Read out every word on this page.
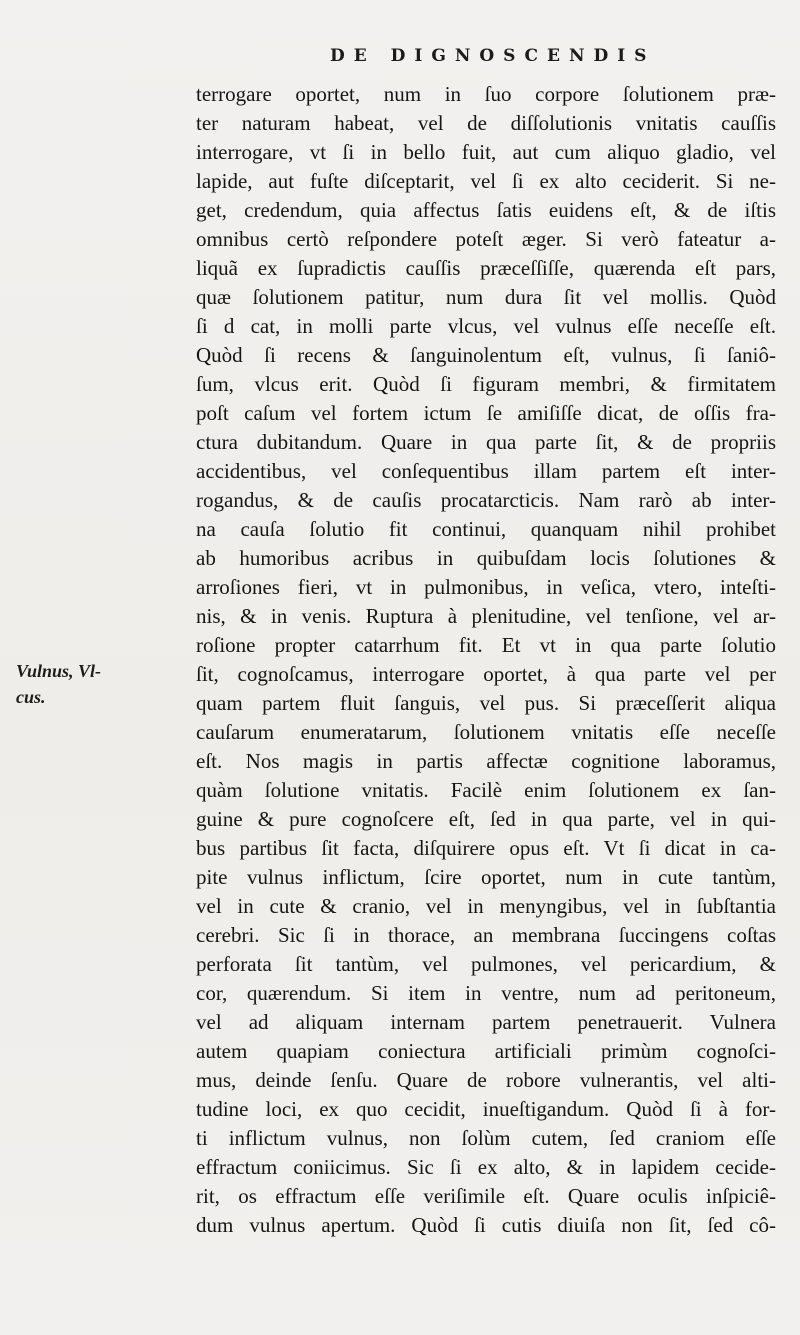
DE DIGNOSCENDIS
Vulnus, Vl-
cus.
terrogare oportet, num in ſuo corpore ſolutionem præ-
ter naturam habeat, vel de diſſolutionis vnitatis cauſſis
interrogare, vt ſi in bello fuit, aut cum aliquo gladio, vel
lapide, aut fuſte diſceptarit, vel ſi ex alto ceciderit. Si ne-
get, credendum, quia affectus ſatis euidens eſt, & de iſtis
omnibus certò reſpondere poteſt æger. Si verò fateatur a-
liquã ex ſupradictis cauſſis præceſſiſſe, quærenda eſt pars,
quæ ſolutionem patitur, num dura ſit vel mollis. Quòd
ſi d cat, in molli parte vlcus, vel vulnus eſſe neceſſe eſt.
Quòd ſi recens & ſanguinolentum eſt, vulnus, ſi ſaniô-
ſum, vlcus erit. Quòd ſi figuram membri, & firmitatem
poſt caſum vel fortem ictum ſe amiſiſſe dicat, de oſſis fra-
ctura dubitandum. Quare in qua parte ſit, & de propriis
accidentibus, vel conſequentibus illam partem eſt inter-
rogandus, & de cauſis procatarcticis. Nam rarò ab inter-
na cauſa ſolutio fit continui, quanquam nihil prohibet
ab humoribus acribus in quibuſdam locis ſolutiones &
arroſiones fieri, vt in pulmonibus, in veſica, vtero, inteſti-
nis, & in venis. Ruptura à plenitudine, vel tenſione, vel ar-
roſione propter catarrhum fit. Et vt in qua parte ſolutio
ſit, cognoſcamus, interrogare oportet, à qua parte vel per
quam partem fluit ſanguis, vel pus. Si præceſſerit aliqua
cauſarum enumeratarum, ſolutionem vnitatis eſſe neceſſe
eſt. Nos magis in partis affectæ cognitione laboramus,
quàm ſolutione vnitatis. Facilè enim ſolutionem ex ſan-
guine & pure cognoſcere eſt, ſed in qua parte, vel in qui-
bus partibus ſit facta, diſquirere opus eſt. Vt ſi dicat in ca-
pite vulnus inflictum, ſcire oportet, num in cute tantùm,
vel in cute & cranio, vel in menyngibus, vel in ſubſtantia
cerebri. Sic ſi in thorace, an membrana ſuccingens coſtas
perforata ſit tantùm, vel pulmones, vel pericardium, &
cor, quærendum. Si item in ventre, num ad peritoneum,
vel ad aliquam internam partem penetrauerit. Vulnera
autem quapiam coniectura artificiali primùm cognoſci-
mus, deinde ſenſu. Quare de robore vulnerantis, vel alti-
tudine loci, ex quo cecidit, inueſtigandum. Quòd ſi à for-
ti inflictum vulnus, non ſolùm cutem, ſed craniom eſſe
effractum coniicimus. Sic ſi ex alto, & in lapidem cecide-
rit, os effractum eſſe veriſimile eſt. Quare oculis inſpiciê-
dum vulnus apertum. Quòd ſi cutis diuiſa non ſit, ſed cô-
